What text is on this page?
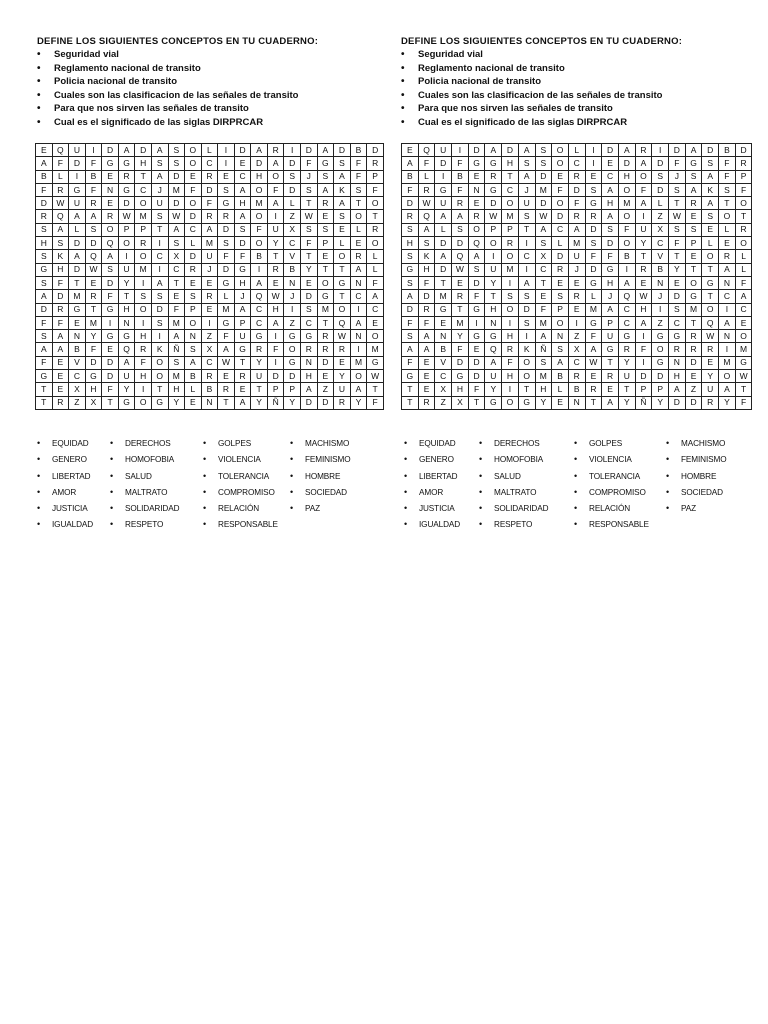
DEFINE LOS SIGUIENTES CONCEPTOS EN TU CUADERNO:
• Seguridad vial
• Reglamento nacional de transito
• Policia nacional de transito
• Cuales son las clasificacion de las señales de transito
• Para que nos sirven las señales de transito
• Cual es el significado de las siglas DIRPRCAR
E	Q	U	I	D	A	D	A	S	O	L	I	D	A	R	I	D	A	D	B	D
A	F	D	F	G	G	H	S	S	O	C	I	E	D	A	D	F	G	S	F	R
B	L	I	B	E	R	T	A	D	E	R	E	C	H	O	S	J	S	A	F	P
F	R	G	F	N	G	C	J	M	F	D	S	A	O	F	D	S	A	K	S	F
D	W	U	R	E	D	O	U	D	O	F	G	H	M	A	L	T	R	A	T	O
R	Q	A	A	R	W	M	S	W	D	R	R	A	O	I	Z	W	E	S	O	T
S	A	L	S	O	P	P	T	A	C	A	D	S	F	U	X	S	S	E	L	R
H	S	D	D	Q	O	R	I	S	L	M	S	D	O	Y	C	F	P	L	E	O
S	K	A	Q	A	I	O	C	X	D	U	F	F	B	T	V	T	E	O	R	L
G	H	D	W	S	U	M	I	C	R	J	D	G	I	R	B	Y	T	T	A	L
S	F	T	E	D	Y	I	A	T	E	E	G	H	A	E	N	E	O	G	N	F
A	D	M	R	F	T	S	S	E	S	R	L	J	Q	W	J	D	G	T	C	A
D	R	G	T	G	H	O	D	F	P	E	M	A	C	H	I	S	M	O	I	C
F	F	E	M	I	N	I	S	M	O	I	G	P	C	A	Z	C	T	Q	A	E
S	A	N	Y	G	G	H	I	A	N	Z	F	U	G	I	G	G	R	W	N	O
A	A	B	F	E	Q	R	K	Ñ	S	X	A	G	R	F	O	R	R	R	I	M
F	E	V	D	D	A	F	O	S	A	C	W	T	Y	I	G	N	D	E	M	G
G	E	C	G	D	U	H	O	M	B	R	E	R	U	D	D	H	E	Y	O	W
T	E	X	H	F	Y	I	T	H	L	B	R	E	T	P	P	A	Z	U	A	T
T	R	Z	X	T	G	O	G	Y	E	N	T	A	Y	Ñ	Y	D	D	R	Y	F
• EQUIDAD
• GENERO
• LIBERTAD
• AMOR
• JUSTICIA
• IGUALDAD
• DERECHOS
• HOMOFOBIA
• SALUD
• MALTRATO
• SOLIDARIDAD
• RESPETO
• GOLPES
• VIOLENCIA
• TOLERANCIA
• COMPROMISO
• RELACIÓN
• RESPONSABLE
• MACHISMO
• FEMINISMO
• HOMBRE
• SOCIEDAD
• PAZ
DEFINE LOS SIGUIENTES CONCEPTOS EN TU CUADERNO:
• Seguridad vial
• Reglamento nacional de transito
• Policia nacional de transito
• Cuales son las clasificacion de las señales de transito
• Para que nos sirven las señales de transito
• Cual es el significado de las siglas DIRPRCAR
E	Q	U	I	D	A	D	A	S	O	L	I	D	A	R	I	D	A	D	B	D
A	F	D	F	G	G	H	S	S	O	C	I	E	D	A	D	F	G	S	F	R
B	L	I	B	E	R	T	A	D	E	R	E	C	H	O	S	J	S	A	F	P
F	R	G	F	N	G	C	J	M	F	D	S	A	O	F	D	S	A	K	S	F
D	W	U	R	E	D	O	U	D	O	F	G	H	M	A	L	T	R	A	T	O
R	Q	A	A	R	W	M	S	W	D	R	R	A	O	I	Z	W	E	S	O	T
S	A	L	S	O	P	P	T	A	C	A	D	S	F	U	X	S	S	E	L	R
H	S	D	D	Q	O	R	I	S	L	M	S	D	O	Y	C	F	P	L	E	O
S	K	A	Q	A	I	O	C	X	D	U	F	F	B	T	V	T	E	O	R	L
G	H	D	W	S	U	M	I	C	R	J	D	G	I	R	B	Y	T	T	A	L
S	F	T	E	D	Y	I	A	T	E	E	G	H	A	E	N	E	O	G	N	F
A	D	M	R	F	T	S	S	E	S	R	L	J	Q	W	J	D	G	T	C	A
D	R	G	T	G	H	O	D	F	P	E	M	A	C	H	I	S	M	O	I	C
F	F	E	M	I	N	I	S	M	O	I	G	P	C	A	Z	C	T	Q	A	E
S	A	N	Y	G	G	H	I	A	N	Z	F	U	G	I	G	G	R	W	N	O
A	A	B	F	E	Q	R	K	Ñ	S	X	A	G	R	F	O	R	R	R	I	M
F	E	V	D	D	A	F	O	S	A	C	W	T	Y	I	G	N	D	E	M	G
G	E	C	G	D	U	H	O	M	B	R	E	R	U	D	D	H	E	Y	O	W
T	E	X	H	F	Y	I	T	H	L	B	R	E	T	P	P	A	Z	U	A	T
T	R	Z	X	T	G	O	G	Y	E	N	T	A	Y	Ñ	Y	D	D	R	Y	F
• EQUIDAD
• GENERO
• LIBERTAD
• AMOR
• JUSTICIA
• IGUALDAD
• DERECHOS
• HOMOFOBIA
• SALUD
• MALTRATO
• SOLIDARIDAD
• RESPETO
• GOLPES
• VIOLENCIA
• TOLERANCIA
• COMPROMISO
• RELACIÓN
• RESPONSABLE
• MACHISMO
• FEMINISMO
• HOMBRE
• SOCIEDAD
• PAZ
